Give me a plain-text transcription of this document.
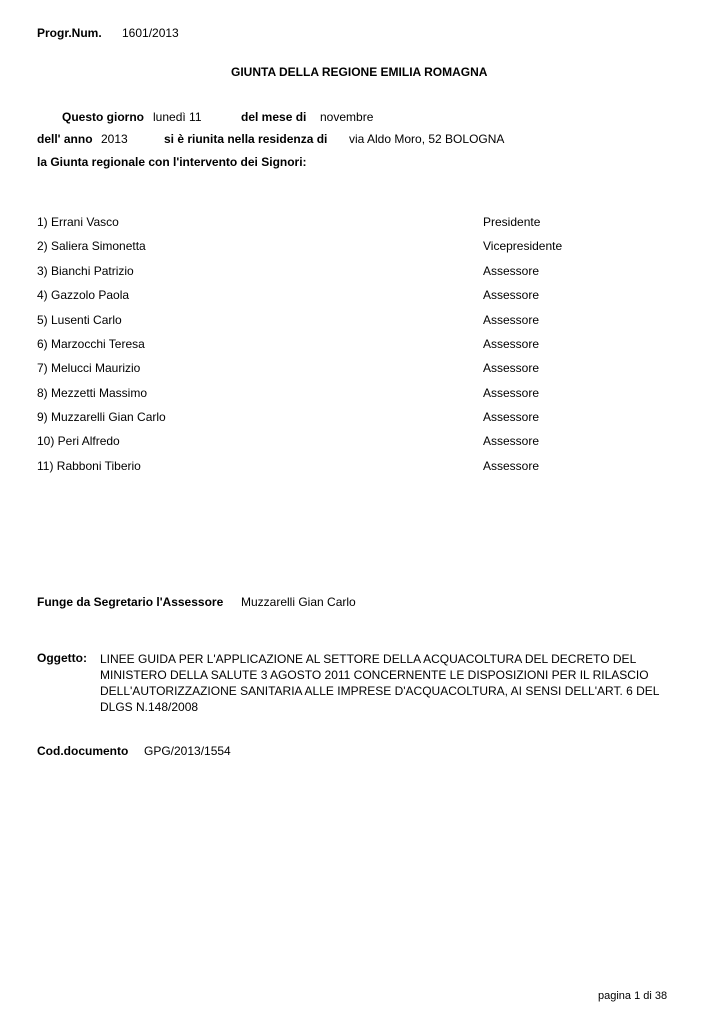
Progr.Num. 1601/2013
GIUNTA DELLA REGIONE EMILIA ROMAGNA
Questo giorno lunedì 11	del mese di novembre
dell' anno 2013	si è riunita nella residenza di via Aldo Moro, 52 BOLOGNA
la Giunta regionale con l'intervento dei Signori:
1) Errani Vasco	Presidente
2) Saliera Simonetta	Vicepresidente
3) Bianchi Patrizio	Assessore
4) Gazzolo Paola	Assessore
5) Lusenti Carlo	Assessore
6) Marzocchi Teresa	Assessore
7) Melucci Maurizio	Assessore
8) Mezzetti Massimo	Assessore
9) Muzzarelli Gian Carlo	Assessore
10) Peri Alfredo	Assessore
11) Rabboni Tiberio	Assessore
Funge da Segretario l'Assessore Muzzarelli Gian Carlo
Oggetto: LINEE GUIDA PER L'APPLICAZIONE AL SETTORE DELLA ACQUACOLTURA DEL DECRETO DEL
MINISTERO DELLA SALUTE 3 AGOSTO 2011 CONCERNENTE LE DISPOSIZIONI PER IL RILASCIO
DELL'AUTORIZZAZIONE SANITARIA ALLE IMPRESE D'ACQUACOLTURA, AI SENSI DELL'ART. 6 DEL
DLGS N.148/2008
Cod.documento GPG/2013/1554
pagina 1 di 38
